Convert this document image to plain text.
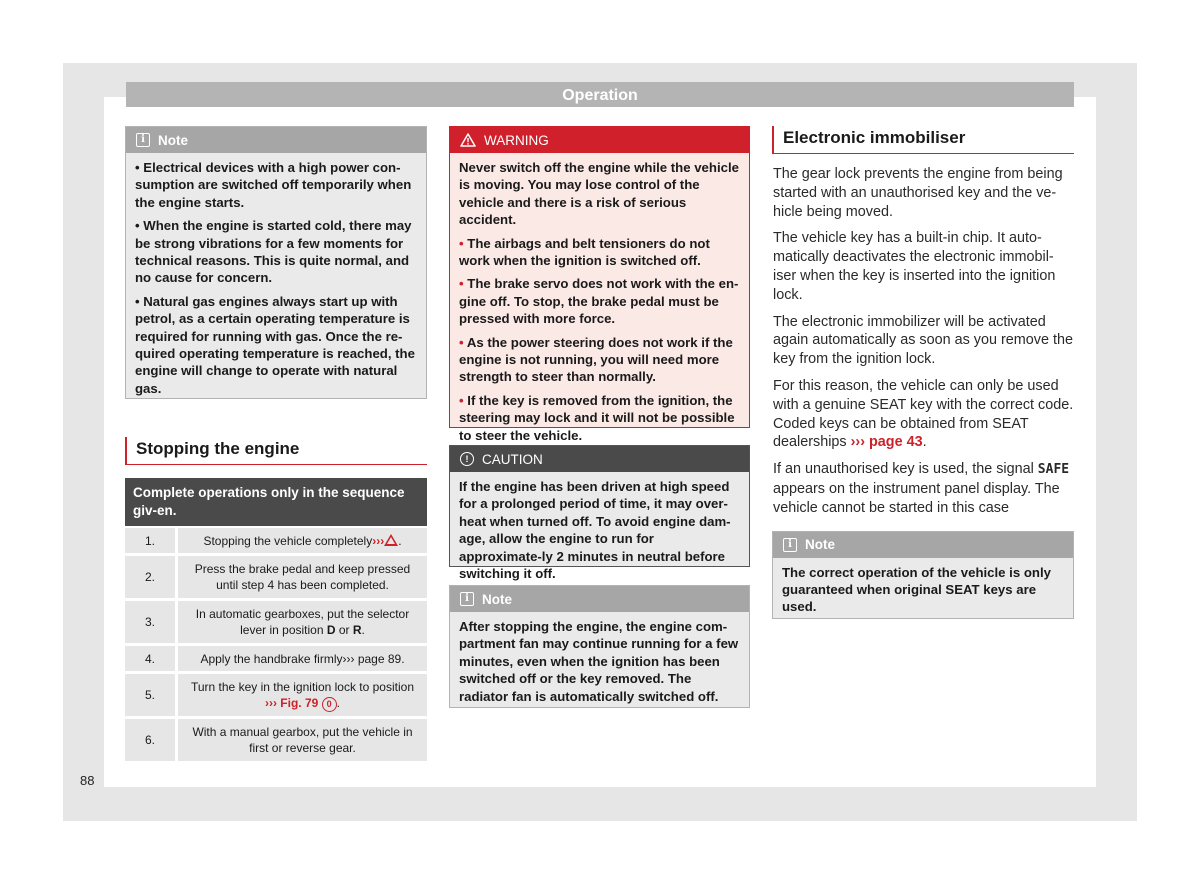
Operation
i Note

• Electrical devices with a high power con-sumption are switched off temporarily when the engine starts.

• When the engine is started cold, there may be strong vibrations for a few moments for technical reasons. This is quite normal, and no cause for concern.

• Natural gas engines always start up with petrol, as a certain operating temperature is required for running with gas. Once the re-quired operating temperature is reached, the engine will change to operate with natural gas.

Stopping the engine
Complete operations only in the sequence giv-en.
1.	Stopping the vehicle completely››› .
2.	Press the brake pedal and keep pressed until step 4 has been completed.
3.	In automatic gearboxes, put the selector lever in position D or R.
4.	Apply the handbrake firmly››› page 89.
5.	Turn the key in the ignition lock to position
››› Fig. 79 0 .
6.	With a manual gearbox, put the vehicle in first or reverse gear.
WARNING

Never switch off the engine while the vehicle is moving. You may lose control of the vehicle and there is a risk of serious accident.

• The airbags and belt tensioners do not work when the ignition is switched off.

• The brake servo does not work with the en-gine off. To stop, the brake pedal must be pressed with more force.

• As the power steering does not work if the engine is not running, you will need more strength to steer than normally.

• If the key is removed from the ignition, the steering may lock and it will not be possible to steer the vehicle.

!	CAUTION
If the engine has been driven at high speed for a prolonged period of time, it may over-heat when turned off. To avoid engine dam-age, allow the engine to run for approximate-ly 2 minutes in neutral before switching it off.
i Note
After stopping the engine, the engine com-partment fan may continue running for a few minutes, even when the ignition has been switched off or the key removed. The radiator fan is automatically switched off.
Electronic immobiliser

The gear lock prevents the engine from being started with an unauthorised key and the ve-hicle being moved.

The vehicle key has a built-in chip. It auto-matically deactivates the electronic immobil-iser when the key is inserted into the ignition lock.

The electronic immobilizer will be activated again automatically as soon as you remove the key from the ignition lock.

For this reason, the vehicle can only be used with a genuine SEAT key with the correct code. Coded keys can be obtained from SEAT dealerships ››› page 43.

If an unauthorised key is used, the signal SAFE appears on the instrument panel display. The vehicle cannot be started in this case

i Note
The correct operation of the vehicle is only guaranteed when original SEAT keys are used.
88
